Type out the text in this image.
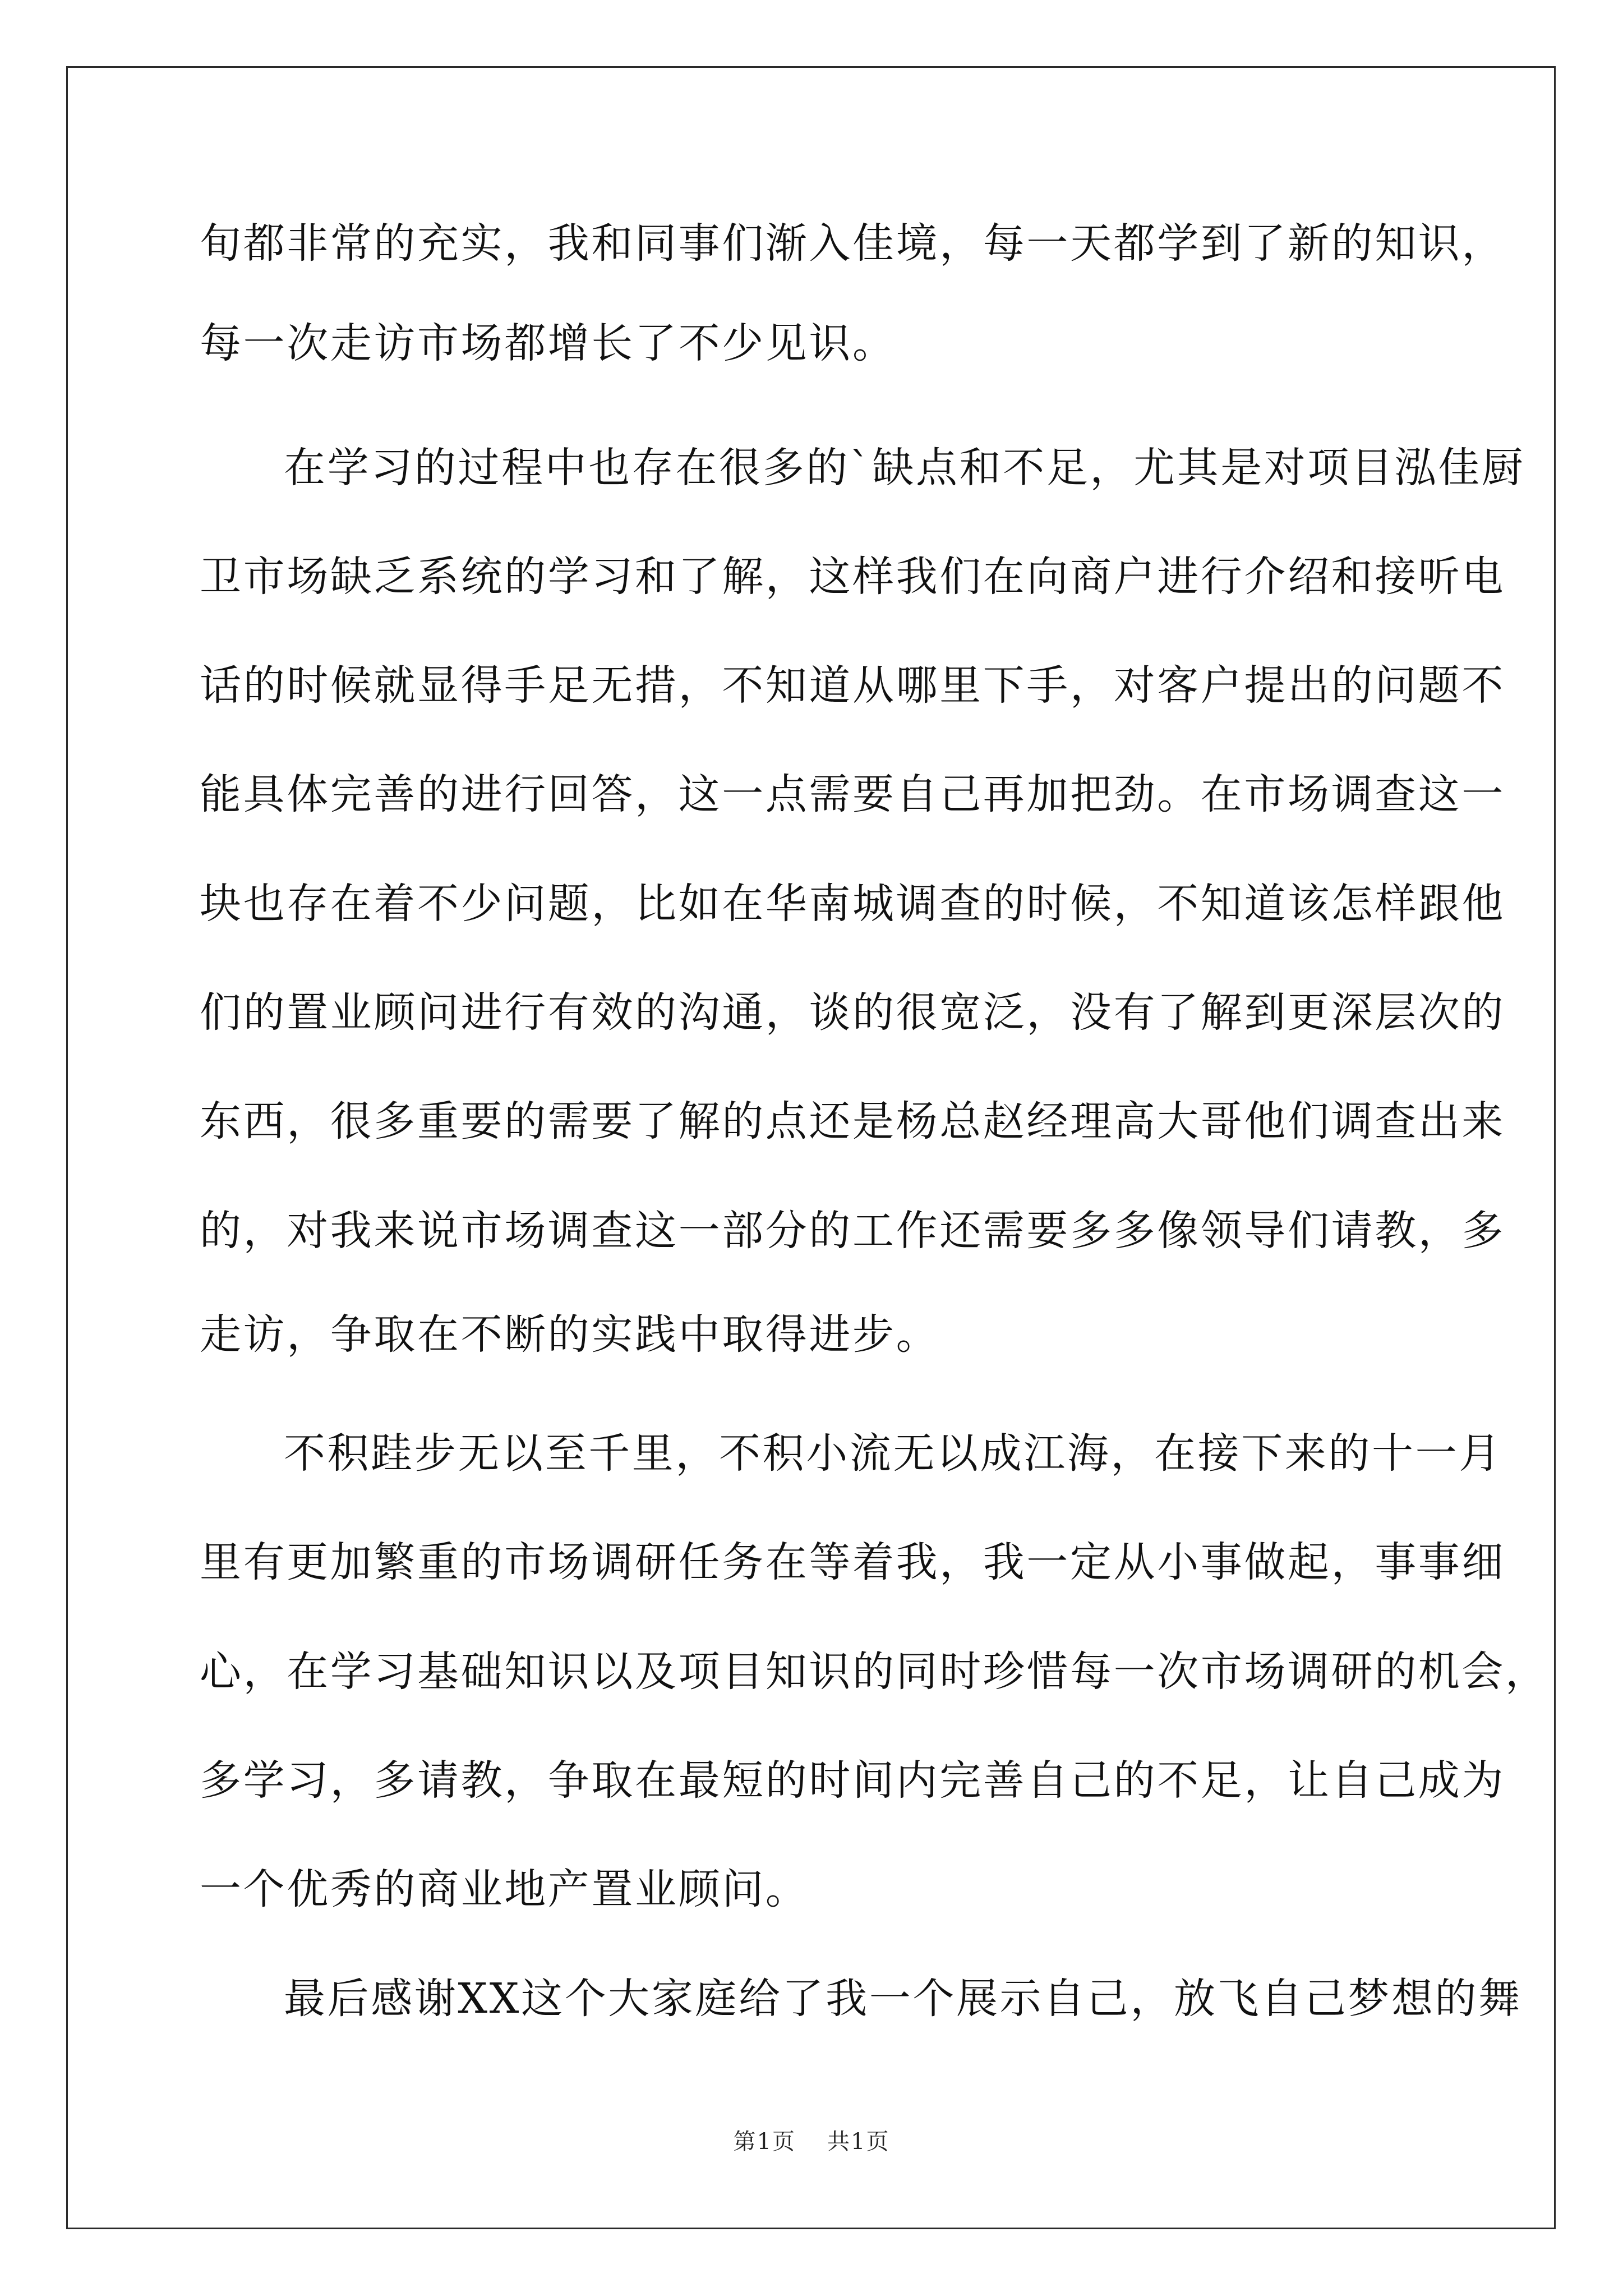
旬都非常的充实，我和同事们渐入佳境，每一天都学到了新的知识，
每一次走访市场都增长了不少见识。
在学习的过程中也存在很多的`缺点和不足，尤其是对项目泓佳厨
卫市场缺乏系统的学习和了解，这样我们在向商户进行介绍和接听电
话的时候就显得手足无措，不知道从哪里下手，对客户提出的问题不
能具体完善的进行回答，这一点需要自己再加把劲。在市场调查这一
块也存在着不少问题，比如在华南城调查的时候，不知道该怎样跟他
们的置业顾问进行有效的沟通，谈的很宽泛，没有了解到更深层次的
东西，很多重要的需要了解的点还是杨总赵经理高大哥他们调查出来
的，对我来说市场调查这一部分的工作还需要多多像领导们请教，多
走访，争取在不断的实践中取得进步。
不积跬步无以至千里，不积小流无以成江海，在接下来的十一月
里有更加繁重的市场调研任务在等着我，我一定从小事做起，事事细
心，在学习基础知识以及项目知识的同时珍惜每一次市场调研的机会，
多学习，多请教，争取在最短的时间内完善自己的不足，让自己成为
一个优秀的商业地产置业顾问。
最后感谢XX这个大家庭给了我一个展示自己，放飞自己梦想的舞
第1页 共1页
